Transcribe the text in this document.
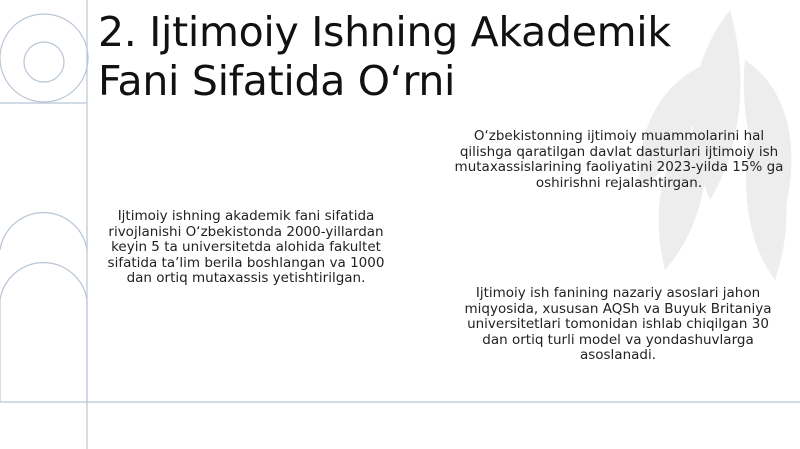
2. Ijtimoiy Ishning Akademik
Fani Sifatida O‘rni

Ijtimoiy ishning akademik fani sifatida rivojlanishi O‘zbekistonda 2000-yillardan keyin 5 ta universitetda alohida fakultet sifatida ta’lim berila boshlangan va 1000 dan ortiq mutaxassis yetishtirilgan.

O‘zbekistonning ijtimoiy muammolarini hal qilishga qaratilgan davlat dasturlari ijtimoiy ish mutaxassislarining faoliyatini 2023-yilda 15% ga oshirishni rejalashtirgan.

Ijtimoiy ish fanining nazariy asoslari jahon miqyosida, xususan AQSh va Buyuk Britaniya universitetlari tomonidan ishlab chiqilgan 30 dan ortiq turli model va yondashuvlarga asoslanadi.
